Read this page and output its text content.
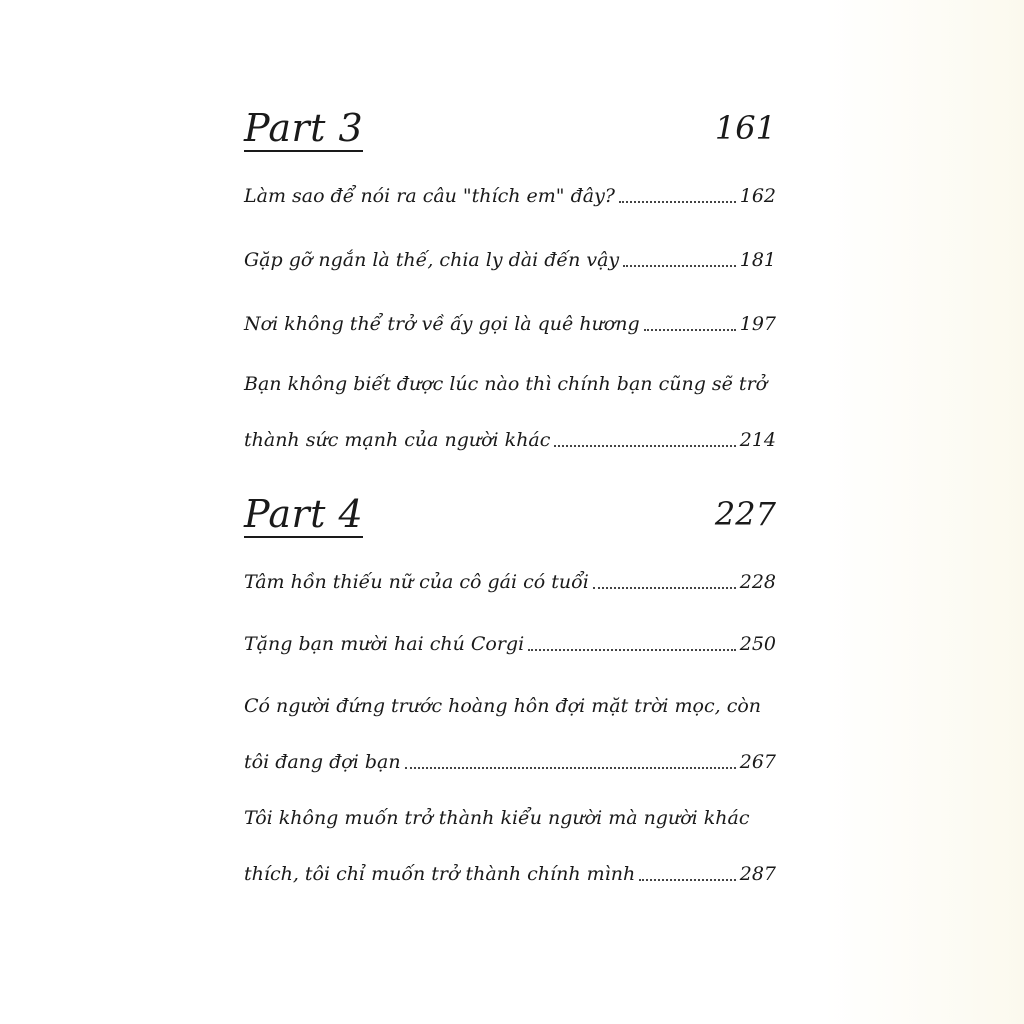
Part 3	161
Làm sao để nói ra câu "thích em" đây?	162
Gặp gỡ ngắn là thế, chia ly dài đến vậy	181
Nơi không thể trở về ấy gọi là quê hương	197
Bạn không biết được lúc nào thì chính bạn cũng sẽ trở
thành sức mạnh của người khác	214
Part 4	227
Tâm hồn thiếu nữ của cô gái có tuổi	228
Tặng bạn mười hai chú Corgi	250
Có người đứng trước hoàng hôn đợi mặt trời mọc, còn
tôi đang đợi bạn	267
Tôi không muốn trở thành kiểu người mà người khác
thích, tôi chỉ muốn trở thành chính mình	287
